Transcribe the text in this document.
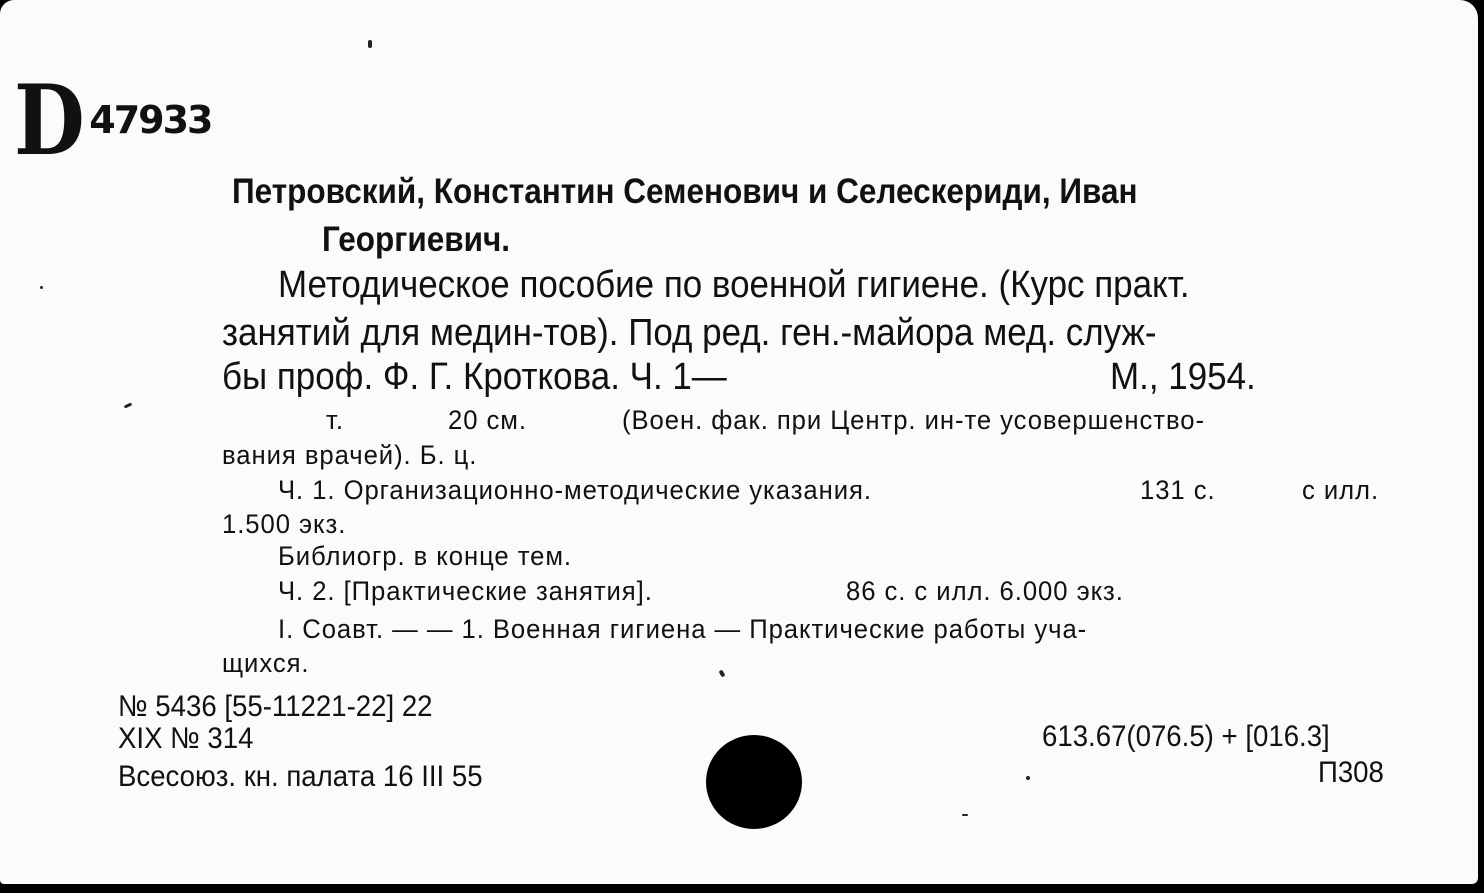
D 47933
Петровский, Константин Семенович и Селескериди, Иван
Георгиевич.
Методическое пособие по военной гигиене. (Курс практ.
занятий для медин-тов). Под ред. ген.-майора мед. служ-
бы проф. Ф. Г. Кроткова. Ч. 1—	М., 1954.
т.	20 см.	(Воен. фак. при Центр. ин-те усовершенство-
вания врачей). Б. ц.
Ч. 1. Организационно-методические указания.	131 с.	с илл.
1.500 экз.
Библиогр. в конце тем.
Ч. 2. [Практические занятия].	86 с. с илл. 6.000 экз.
I. Соавт. — — 1. Военная гигиена — Практические работы уча-
щихся.
№ 5436 [55-11221-22] 22
XIX № 314
Всесоюз. кн. палата 16 III 55
613.67(076.5) + [016.3]
П308
